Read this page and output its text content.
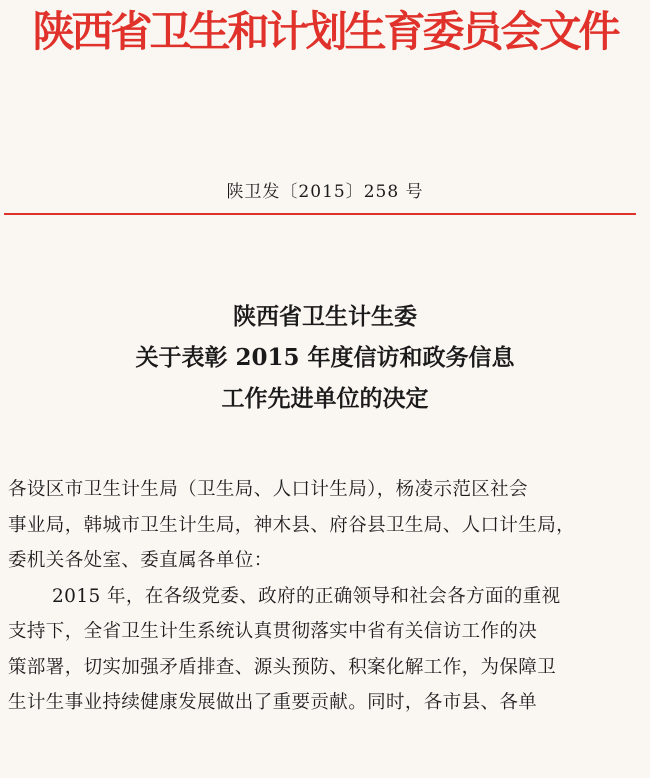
陕西省卫生和计划生育委员会文件
陕卫发〔2015〕258 号
陕西省卫生计生委
关于表彰 2015 年度信访和政务信息
工作先进单位的决定
各设区市卫生计生局（卫生局、人口计生局），杨凌示范区社会
事业局，韩城市卫生计生局，神木县、府谷县卫生局、人口计生局，
委机关各处室、委直属各单位：
2015 年，在各级党委、政府的正确领导和社会各方面的重视
支持下，全省卫生计生系统认真贯彻落实中省有关信访工作的决
策部署，切实加强矛盾排查、源头预防、积案化解工作，为保障卫
生计生事业持续健康发展做出了重要贡献。同时，各市县、各单
